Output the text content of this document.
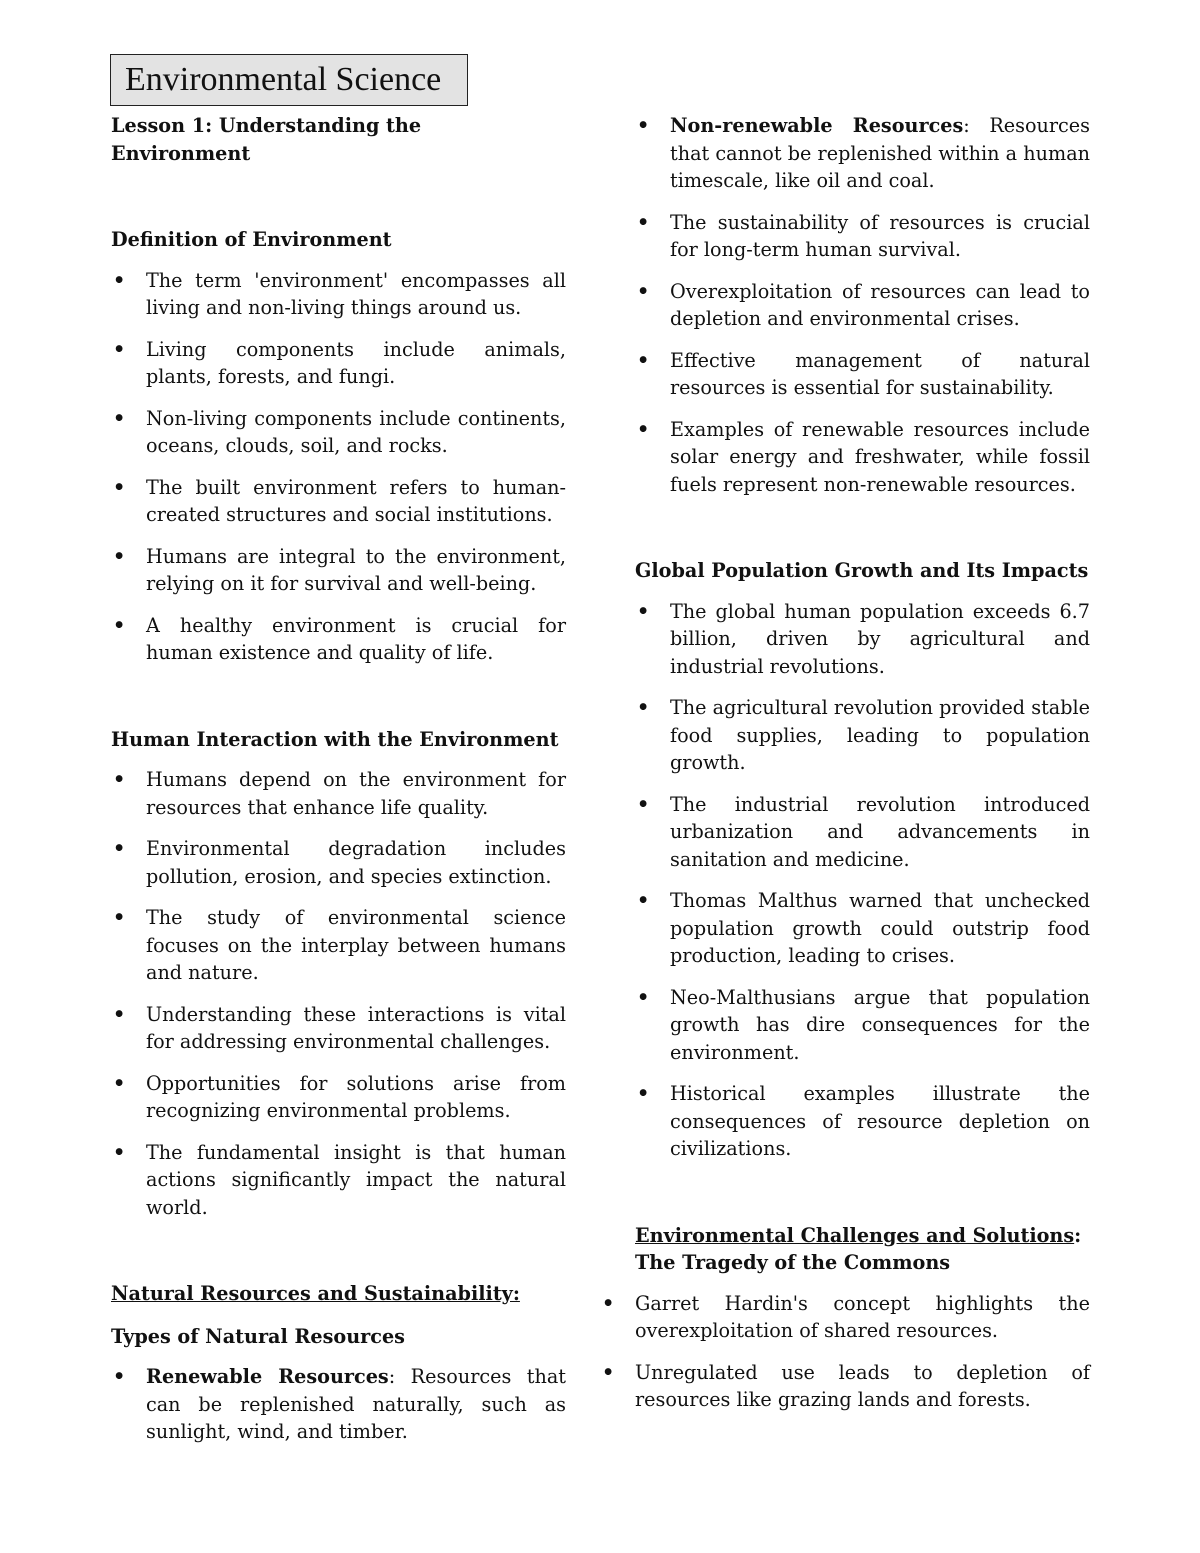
Environmental Science
Lesson 1: Understanding the Environment
Definition of Environment
• The term 'environment' encompasses all living and non-living things around us.
• Living components include animals, plants, forests, and fungi.
• Non-living components include continents, oceans, clouds, soil, and rocks.
• The built environment refers to human-created structures and social institutions.
• Humans are integral to the environment, relying on it for survival and well-being.
• A healthy environment is crucial for human existence and quality of life.
Human Interaction with the Environment
• Humans depend on the environment for resources that enhance life quality.
• Environmental degradation includes pollution, erosion, and species extinction.
• The study of environmental science focuses on the interplay between humans and nature.
• Understanding these interactions is vital for addressing environmental challenges.
• Opportunities for solutions arise from recognizing environmental problems.
• The fundamental insight is that human actions significantly impact the natural world.
Natural Resources and Sustainability:
Types of Natural Resources
• Renewable Resources: Resources that can be replenished naturally, such as sunlight, wind, and timber.
• Non-renewable Resources: Resources that cannot be replenished within a human timescale, like oil and coal.
• The sustainability of resources is crucial for long-term human survival.
• Overexploitation of resources can lead to depletion and environmental crises.
• Effective management of natural resources is essential for sustainability.
• Examples of renewable resources include solar energy and freshwater, while fossil fuels represent non-renewable resources.
Global Population Growth and Its Impacts
• The global human population exceeds 6.7 billion, driven by agricultural and industrial revolutions.
• The agricultural revolution provided stable food supplies, leading to population growth.
• The industrial revolution introduced urbanization and advancements in sanitation and medicine.
• Thomas Malthus warned that unchecked population growth could outstrip food production, leading to crises.
• Neo-Malthusians argue that population growth has dire consequences for the environment.
• Historical examples illustrate the consequences of resource depletion on civilizations.
Environmental Challenges and Solutions:
The Tragedy of the Commons
• Garret Hardin's concept highlights the overexploitation of shared resources.
• Unregulated use leads to depletion of resources like grazing lands and forests.
